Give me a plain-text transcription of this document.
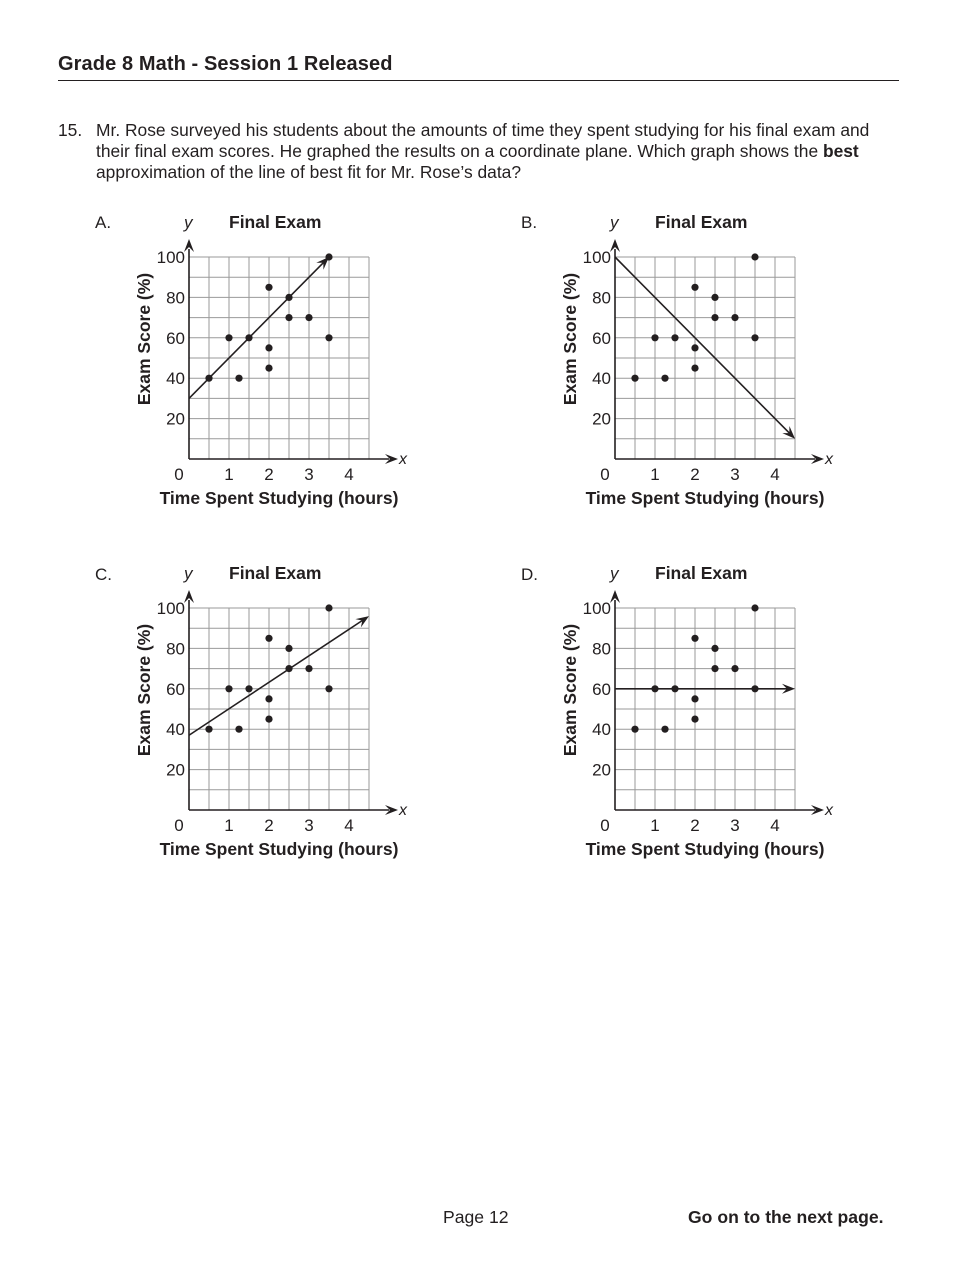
Grade 8 Math - Session 1 Released
15. Mr. Rose surveyed his students about the amounts of time they spent studying for his final exam and their final exam scores. He graphed the results on a coordinate plane. Which graph shows the best approximation of the line of best fit for Mr. Rose’s data?
A.	Final Exam
x
y
0 1 2 3 4
20
40
60
80
100
Time Spent Studying (hours)
Exam Score (%)
B.	Final Exam
x
y
0 1 2 3 4
20
40
60
80
100
Time Spent Studying (hours)
Exam Score (%)
C.	Final Exam
x
y
0 1 2 3 4
20
40
60
80
100
Time Spent Studying (hours)
Exam Score (%)
D.	Final Exam
x
y
0 1 2 3 4
20
40
60
80
100
Time Spent Studying (hours)
Exam Score (%)
Page 12	Go on to the next page.
